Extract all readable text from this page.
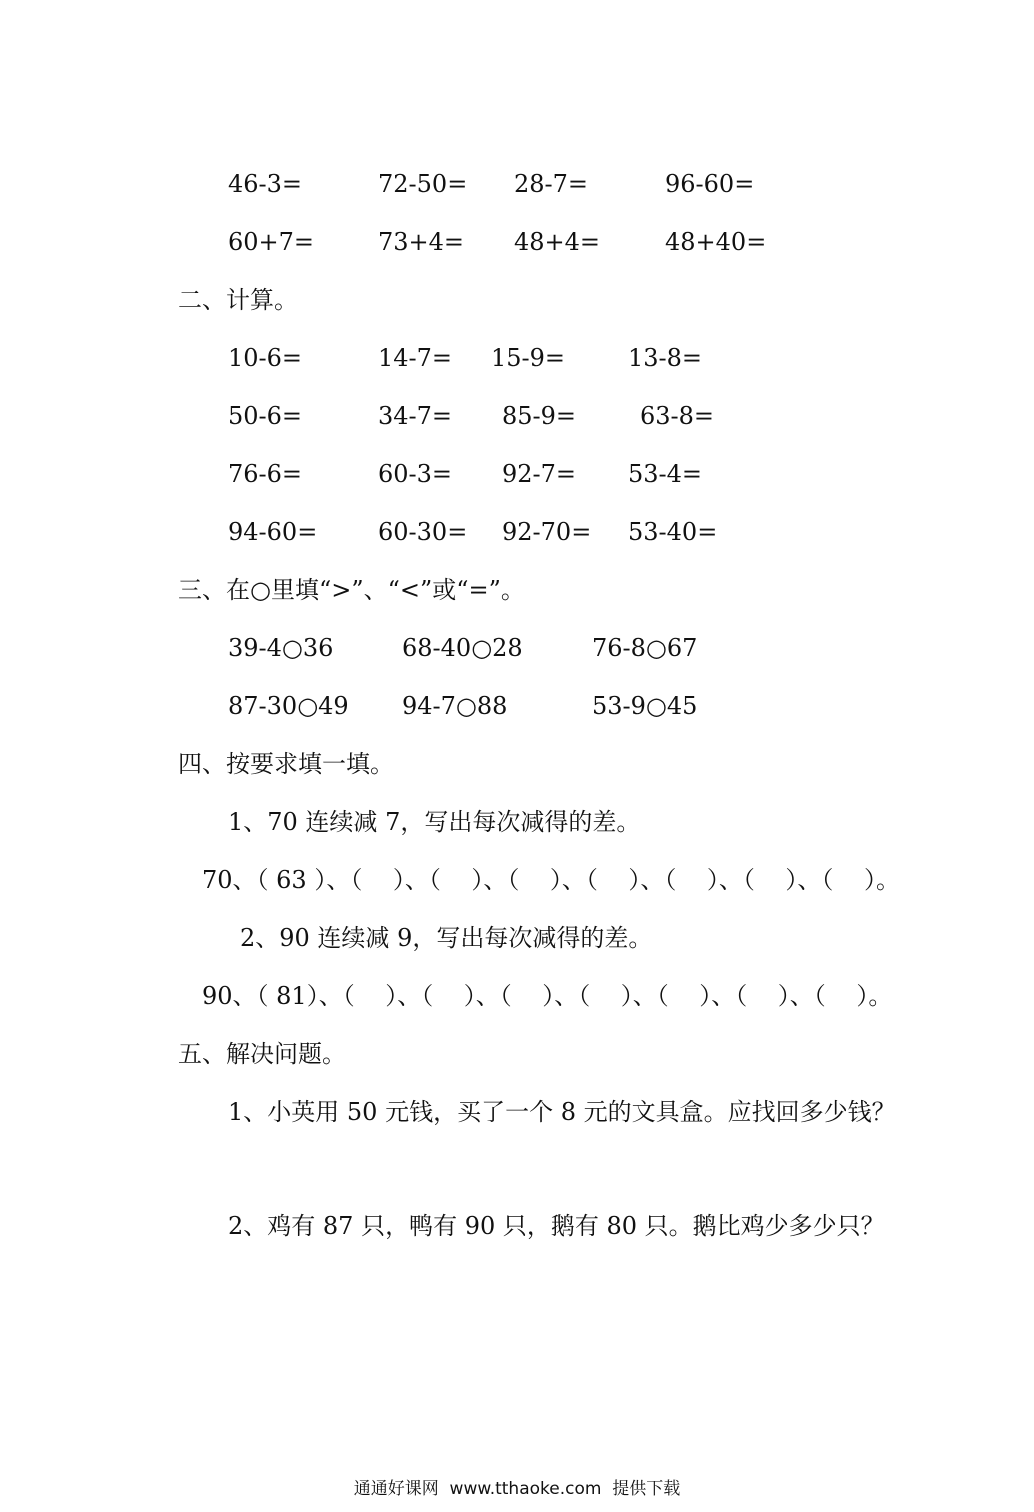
46-3=	72-50= 28-7=	96-60=
60+7=	73+4= 48+4=	48+40=
二、计算。
10-6=	14-7= 15-9=	13-8=
50-6=	34-7= 85-9=	63-8=
76-6=	60-3= 92-7= 53-4=
94-60=	60-30= 92-70= 53-40=
三、在○里填“>”、“<”或“=”。
39-4○36	68-40○28	76-8○67
87-30○49 94-7○88	53-9○45
四、按要求填一填。
1、70 连续减 7，写出每次减得的差。
70、（ 63 ）、（    ）、（    ）、（    ）、（    ）、（    ）、（    ）、（    ）。
2、90 连续减 9，写出每次减得的差。
90、（ 81）、（    ）、（    ）、（    ）、（    ）、（    ）、（    ）、（    ）。
五、解决问题。
1、小英用 50 元钱，买了一个 8 元的文具盒。应找回多少钱？
2、鸡有 87 只，鸭有 90 只，鹅有 80 只。鹅比鸡少多少只？
通通好课网  www.tthaoke.com  提供下载
